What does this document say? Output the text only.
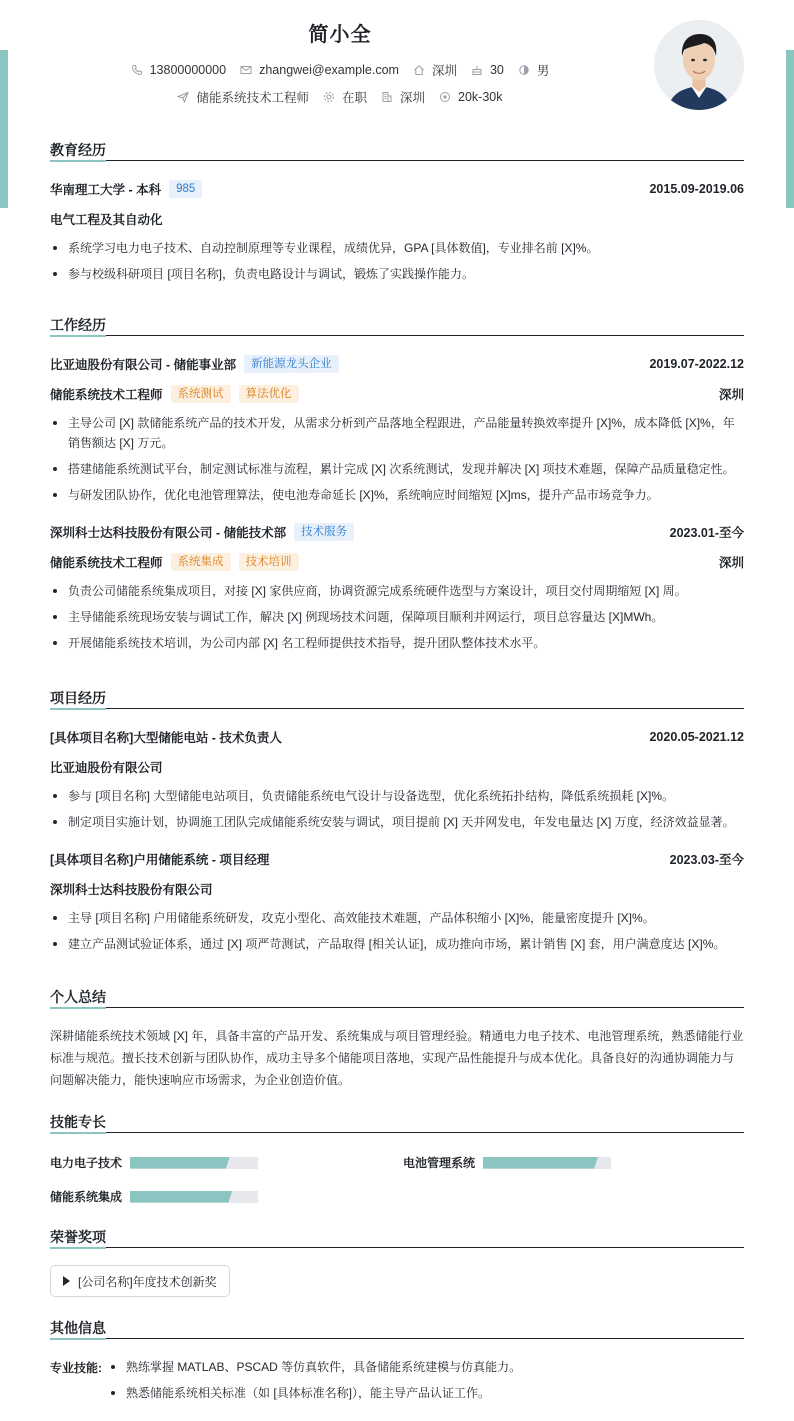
简小全
13800000000	zhangwei@example.com	深圳	30	男
储能系统技术工程师	在职	深圳	20k-30k
教育经历
华南理工大学 - 本科	985	2015.09-2019.06
电气工程及其自动化
系统学习电力电子技术、自动控制原理等专业课程，成绩优异，GPA [具体数值]，专业排名前 [X]%。
参与校级科研项目 [项目名称]，负责电路设计与调试，锻炼了实践操作能力。
工作经历
比亚迪股份有限公司 - 储能事业部	新能源龙头企业	2019.07-2022.12
储能系统技术工程师	系统测试	算法优化	深圳
主导公司 [X] 款储能系统产品的技术开发，从需求分析到产品落地全程跟进，产品能量转换效率提升 [X]%，成本降低 [X]%，年销售额达 [X] 万元。
搭建储能系统测试平台，制定测试标准与流程，累计完成 [X] 次系统测试，发现并解决 [X] 项技术难题，保障产品质量稳定性。
与研发团队协作，优化电池管理算法，使电池寿命延长 [X]%，系统响应时间缩短 [X]ms，提升产品市场竞争力。
深圳科士达科技股份有限公司 - 储能技术部	技术服务	2023.01-至今
储能系统技术工程师	系统集成	技术培训	深圳
负责公司储能系统集成项目，对接 [X] 家供应商，协调资源完成系统硬件选型与方案设计，项目交付周期缩短 [X] 周。
主导储能系统现场安装与调试工作，解决 [X] 例现场技术问题，保障项目顺利并网运行，项目总容量达 [X]MWh。
开展储能系统技术培训，为公司内部 [X] 名工程师提供技术指导，提升团队整体技术水平。
项目经历
[具体项目名称]大型储能电站 - 技术负责人	2020.05-2021.12
比亚迪股份有限公司
参与 [项目名称] 大型储能电站项目，负责储能系统电气设计与设备选型，优化系统拓扑结构，降低系统损耗 [X]%。
制定项目实施计划，协调施工团队完成储能系统安装与调试，项目提前 [X] 天并网发电，年发电量达 [X] 万度，经济效益显著。
[具体项目名称]户用储能系统 - 项目经理	2023.03-至今
深圳科士达科技股份有限公司
主导 [项目名称] 户用储能系统研发，攻克小型化、高效能技术难题，产品体积缩小 [X]%，能量密度提升 [X]%。
建立产品测试验证体系，通过 [X] 项严苛测试，产品取得 [相关认证]，成功推向市场，累计销售 [X] 套，用户满意度达 [X]%。
个人总结
深耕储能系统技术领域 [X] 年，具备丰富的产品开发、系统集成与项目管理经验。精通电力电子技术、电池管理系统，熟悉储能行业标准与规范。擅长技术创新与团队协作，成功主导多个储能项目落地，实现产品性能提升与成本优化。具备良好的沟通协调能力与问题解决能力，能快速响应市场需求，为企业创造价值。
技能专长
电力电子技术	电池管理系统
储能系统集成
荣誉奖项
[公司名称]年度技术创新奖
其他信息
专业技能:	熟练掌握 MATLAB、PSCAD 等仿真软件，具备储能系统建模与仿真能力。
熟悉储能系统相关标准（如 [具体标准名称]），能主导产品认证工作。
